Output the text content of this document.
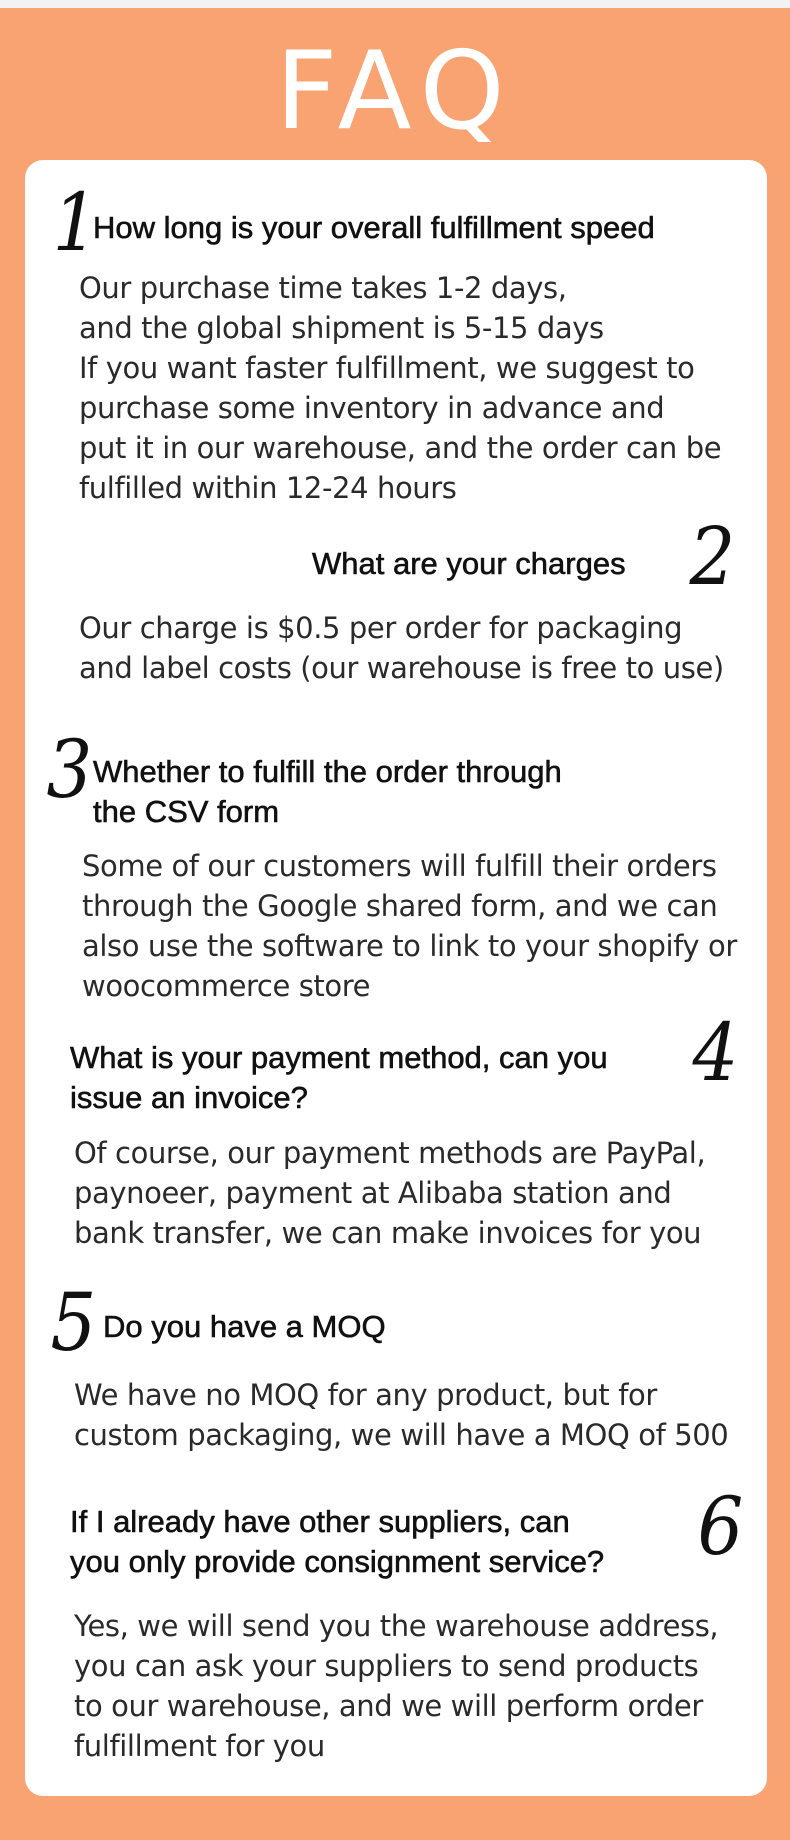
FAQ
1
How long is your overall fulfillment speed
Our purchase time takes 1-2 days,
and the global shipment is 5-15 days
If you want faster fulfillment, we suggest to
purchase some inventory in advance and
put it in our warehouse, and the order can be
fulfilled within 12-24 hours
2
What are your charges
Our charge is $0.5 per order for packaging
and label costs (our warehouse is free to use)
3 Whether to fulfill the order through
the CSV form
Some of our customers will fulfill their orders
through the Google shared form, and we can
also use the software to link to your shopify or
woocommerce store
4
What is your payment method, can you
issue an invoice?
Of course, our payment methods are PayPal,
paynoeer, payment at Alibaba station and
bank transfer, we can make invoices for you
5 Do you have a MOQ
We have no MOQ for any product, but for
custom packaging, we will have a MOQ of 500
6
If I already have other suppliers, can
you only provide consignment service?
Yes, we will send you the warehouse address,
you can ask your suppliers to send products
to our warehouse, and we will perform order
fulfillment for you
